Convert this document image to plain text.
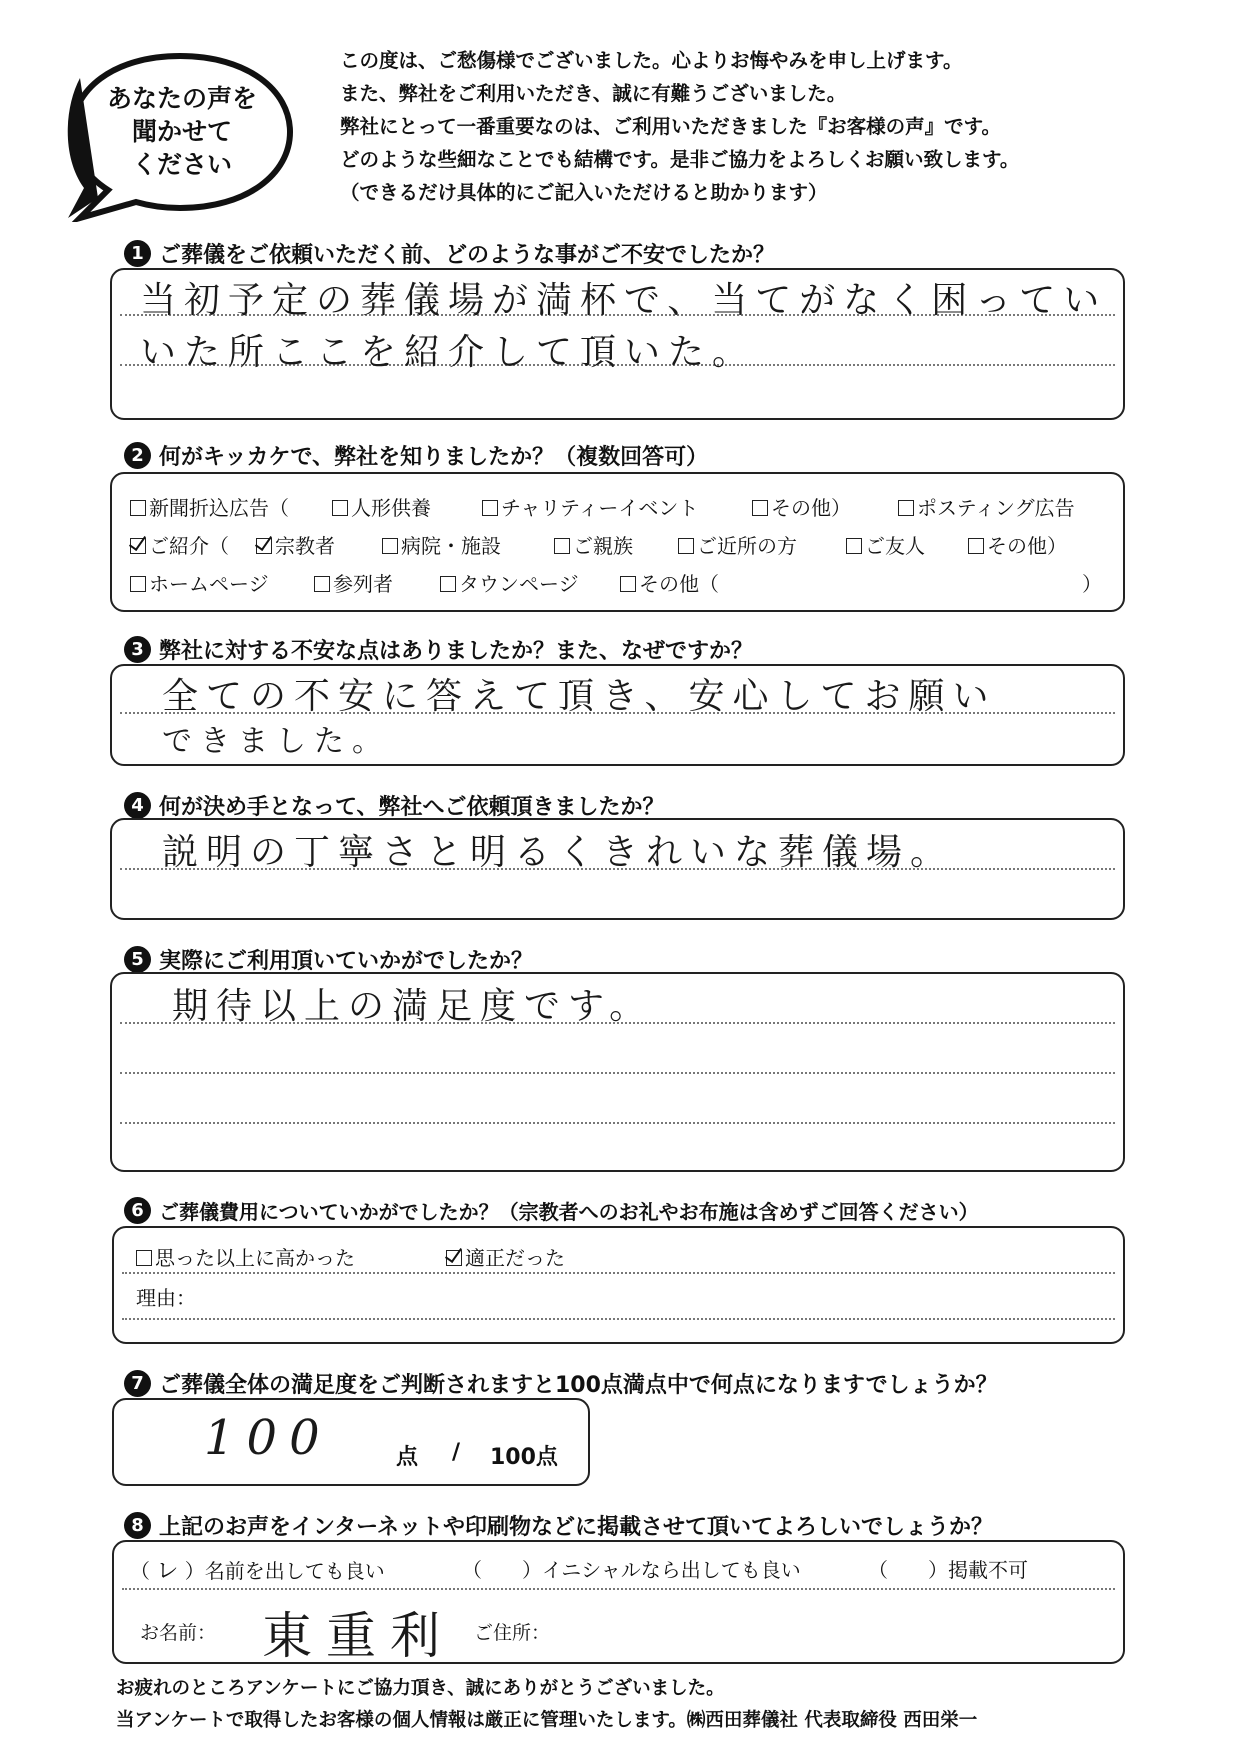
あなたの声を
聞かせて
ください
この度は、ご愁傷様でございました。心よりお悔やみを申し上げます。
また、弊社をご利用いただき、誠に有難うございました。
弊社にとって一番重要なのは、ご利用いただきました『お客様の声』です。
どのような些細なことでも結構です。是非ご協力をよろしくお願い致します。
（できるだけ具体的にご記入いただけると助かります）
1 ご葬儀をご依頼いただく前、どのような事がご不安でしたか？
当初予定の葬儀場が満杯で、当てがなく困ってい
いた所ここを紹介して頂いた。
2 何がキッカケで、弊社を知りましたか？（複数回答可）
新聞折込広告（	人形供養	チャリティーイベント	その他）	ポスティング広告
ご紹介（	宗教者	病院・施設	ご親族	ご近所の方	ご友人	その他）
ホームページ	参列者	タウンページ	その他（	）
3 弊社に対する不安な点はありましたか？また、なぜですか？
全ての不安に答えて頂き、安心してお願い
できました。
4 何が決め手となって、弊社へご依頼頂きましたか？
説明の丁寧さと明るくきれいな葬儀場。
5 実際にご利用頂いていかがでしたか？
期待以上の満足度です。
6 ご葬儀費用についていかがでしたか？（宗教者へのお礼やお布施は含めずご回答ください）
思った以上に高かった	適正だった
理由：
7 ご葬儀全体の満足度をご判断されますと100点満点中で何点になりますでしょうか？
100	点 / 100点
8 上記のお声をインターネットや印刷物などに掲載させて頂いてよろしいでしょうか？
（ レ ）名前を出しても良い	（　　）イニシャルなら出しても良い	（　　）掲載不可
お名前： 東重利 ご住所：
お疲れのところアンケートにご協力頂き、誠にありがとうございました。
当アンケートで取得したお客様の個人情報は厳正に管理いたします。㈱西田葬儀社 代表取締役 西田栄一
